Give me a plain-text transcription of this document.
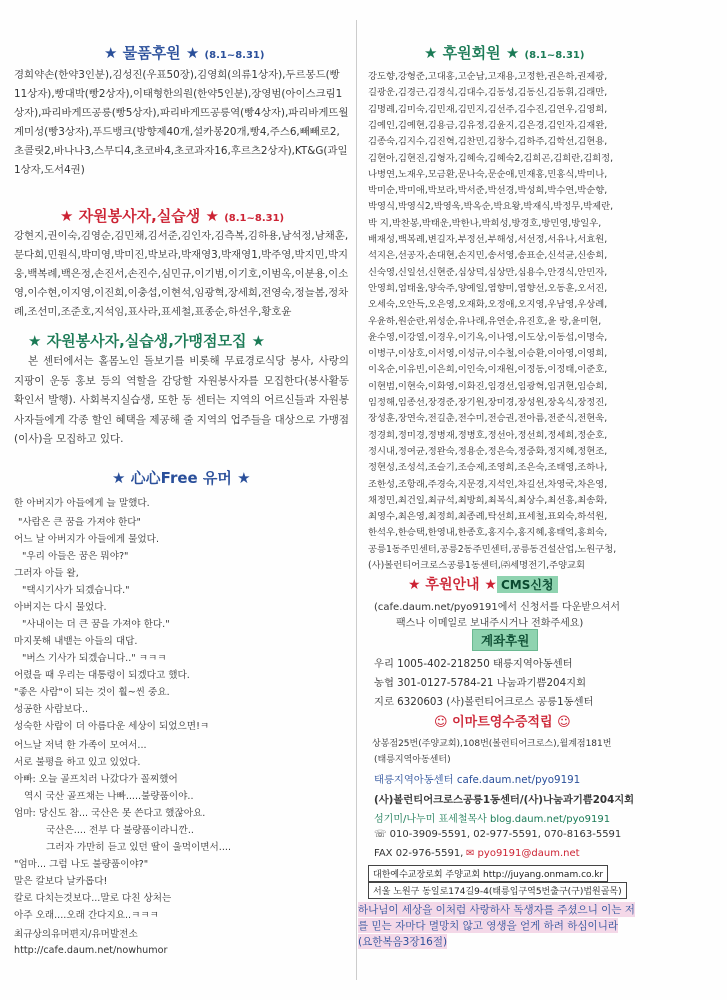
★ 물품후원 ★ (8.1~8.31)

경희약손(한약3인분),김성진(우표50장),김영희(의류1상자),두르몽드(빵11상자),빵대박(빵2상자),이태형한의원(한약5인분),장영범(아이스크림1상자),파리바게뜨공릉(빵5상자),파리바게뜨공릉역(빵4상자),파리바게뜨월계미성(빵3상자),푸드뱅크(방향제40개,설카봉20개,빵4,주스6,빼빼로2,초콜릿2,바나나3,스무디4,초코바4,초코과자16,후르츠2상자),KT&G(과일1상자,도서4권)

★ 자원봉사자,실습생 ★ (8.1~8.31)

강현지,권이숙,김영순,김민채,김서준,김인자,김측복,김하용,남석정,남채훈,문다희,민원식,박미영,박미진,박보라,박재영3,박재영1,박주영,박지민,박지웅,백복례,백은정,손진서,손진수,심민규,이기범,이기호,이범옥,이분용,이소영,이수현,이지영,이진희,이충섭,이현석,임광혁,장세희,전영숙,정늘봄,정차례,조선미,조준호,지석임,표사라,표세철,표종순,하선우,황호윤

★ 자원봉사자,실습생,가맹점모집 ★

본 센터에서는 홀몸노인 돌보기를 비롯해 무료경로식당 봉사, 사랑의 지팡이 운동 홍보 등의 역할을 감당할 자원봉사자를 모집한다(봉사활동 확인서 발행). 사회복지실습생, 또한 동 센터는 지역의 어르신들과 자원봉사자들에게 각종 할인 혜택을 제공해 줄 지역의 업주들을 대상으로 가맹점(이사)을 모집하고 있다.

★ 心心Free 유머 ★
한 아버지가 아들에게 늘 말했다.
"사람은 큰 꿈을 가져야 한다"
어느 날 아버지가 아들에게 물었다.
"우리 아들은 꿈은 뭐야?"
그러자 아들 왈,
"택시기사가 되겠습니다."
아버지는 다시 물었다.
"사내이는 더 큰 꿈을 가져야 한다."
마지못해 내뱉는 아들의 대답.
"버스 기사가 되겠습니다.." ㅋㅋㅋ
어렸을 때 우리는 대통령이 되겠다고 했다.
"좋은 사람"이 되는 것이 훨~씬 중요.
성공한 사람보다..
성숙한 사람이 더 아름다운 세상이 되었으면!ㅋ
어느날 저녁 한 가족이 모여서...
서로 불평을 하고 있고 있었다.
아빠: 오늘 골프치러 나갔다가 꼴찌했어
역시 국산 골프채는 나빠.....불량품이야..
엄마: 당신도 참... 국산은 못 쓴다고 했잖아요.
국산은.... 전부 다 불량품이라니깐..
그러자 가만히 듣고 있던 딸이 울먹이면서....
"엄마... 그럼 나도 불량품이야?"
말은 칼보다 날카롭다!
칼로 다치는것보다...말로 다친 상처는
아주 오래....오래 간다지요..ㅋㅋㅋ
최규상의유머편지/유머발전소
http://cafe.daum.net/nowhumor
★ 후원회원 ★ (8.1~8.31)
강도향,강형준,고대홍,고순남,고재용,고정한,권은하,권제광,
길광운,김경근,김경식,김대수,김동성,김동신,김동휘,김래만,
김명례,김미숙,김민재,김민지,김선주,김수진,김연우,김영희,
김예인,김예현,김용금,김유정,김윤지,김은경,김인자,김재완,
김종숙,김지수,김진혁,김찬민,김창수,김하주,김학선,김현용,
김현아,김현진,김형자,김혜숙,김혜숙2,김희곤,김희란,김희정,
나병연,노재우,모금환,문나숙,문순애,민재홍,민홍식,박미나,
박미순,박미애,박보라,박서준,박선경,박성희,박수연,박순향,
박영식,박영식2,박영욱,박옥순,박요왕,박재식,박정무,박제란,
박 지,박찬봉,박태운,박한나,박희성,방경호,방민영,방일우,
배재성,백복례,변길자,부정선,부해성,서선정,서유나,서효원,
석지은,선공자,손대현,손지민,송서영,송표순,신석균,신송희,
신숙영,신일선,신현준,심상덕,심상만,심용수,안경식,안민자,
안영희,엄태울,양숙주,양예일,염향미,염향선,오동훈,오서진,
오세숙,오안득,오은영,오재화,오정애,오지영,우남영,우상례,
우윤하,원순란,위성순,유나래,유연순,유진호,윤 랑,윤미현,
윤수영,이강열,이경우,이기옥,이나영,이도상,이동섭,이명숙,
이병구,이상호,이서영,이성규,이수철,이승환,이아영,이영희,
이옥순,이유빈,이은희,이인숙,이재원,이정동,이정태,이준호,
이현범,이현숙,이화영,이화진,임경선,임광혁,임귀현,임승희,
임정해,임종선,장경준,장기원,장미경,장성원,장옥식,장정진,
장성훈,장연숙,전길춘,전수미,전승권,전아름,전준식,전현욱,
정경희,정미경,정병재,정병호,정선아,정선희,정세희,정순호,
정시내,정여균,정완숙,정용순,정은숙,정중화,정지혜,정현조,
정현성,조성석,조슬기,조승제,조영희,조은숙,조태영,조하나,
조한성,조항래,주경숙,지문경,지석인,차길선,차영국,차은영,
채정민,최건일,최규석,최방희,최복식,최상수,최선흥,최송화,
최영수,최은영,최정희,최종례,탁선희,표세철,표외숙,하석원,
한석우,한승택,한영내,한종호,홍지수,홍지혜,홍태억,홍희숙,
공릉1동주민센터,공릉2동주민센터,공릉동건설산업,노원구청,
(사)볼런티어크로스공릉1동센터,㈜세명전기,주양교회
★ 후원안내 ★ CMS신청
(cafe.daum.net/pyo9191에서 신청서를 다운받으셔서
팩스나 이메일로 보내주시거나 전화주세요)
계좌후원
우리 1005-402-218250 태릉지역아동센터
농협 301-0127-5784-21 나눔과기쁨204지회
지로 6320603 (사)볼런티어크로스 공릉1동센터
☺ 이마트영수증적립 ☺
상봉점25번(주양교회),108번(볼런티어크로스),월계점181번
(태릉지역아동센터)
태릉지역아동센터 cafe.daum.net/pyo9191
(사)볼런티어크로스공릉1동센터/(사)나눔과기쁨204지회
섬기미/나누미 표세철목사 blog.daum.net/pyo9191
☏ 010-3909-5591, 02-977-5591, 070-8163-5591
FAX 02-976-5591, ✉ pyo9191@daum.net
대한예수교장로회 주양교회 http://juyang.onmam.co.kr
서울 노원구 동일로174길9-4(태릉입구역5번출구(구)법원골목)
하나님이 세상을 이처럼 사랑하사 독생자를 주셨으니 이는 저
를 믿는 자마다 멸망치 않고 영생을 얻게 하려 하심이니라
(요한복음3장16절)
